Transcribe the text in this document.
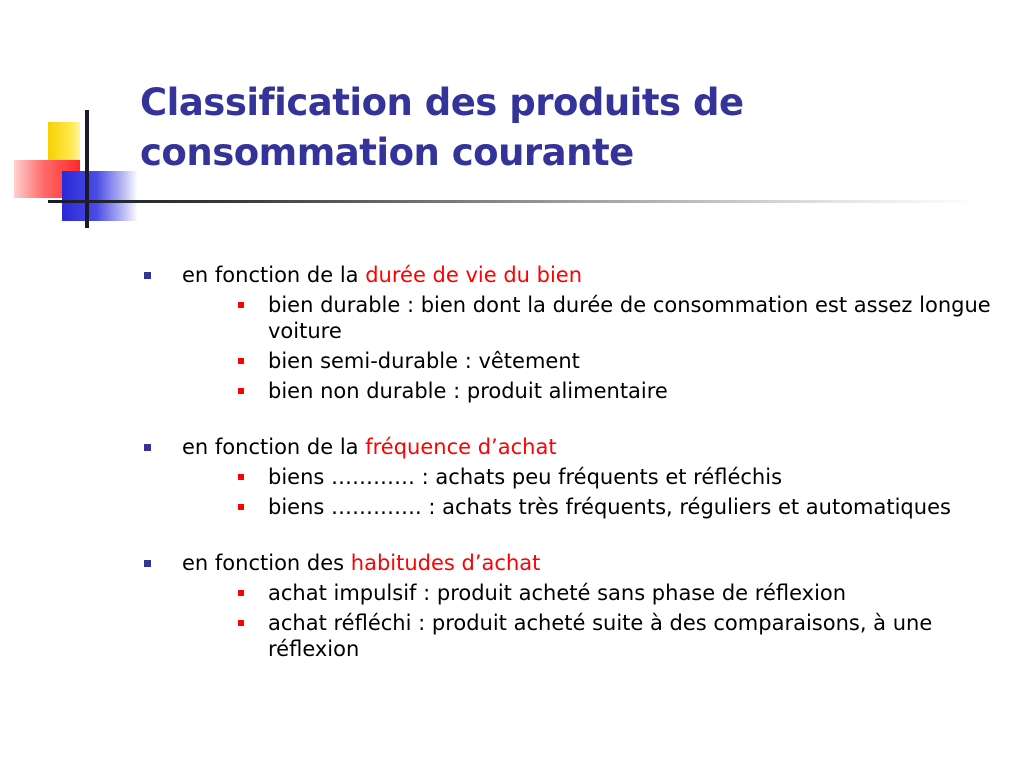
Classification des produits de
consommation courante
en fonction de la durée de vie du bien
bien durable : bien dont la durée de consommation est assez longue voiture
bien semi-durable : vêtement
bien non durable : produit alimentaire
en fonction de la fréquence d’achat
biens ………… : achats peu fréquents et réfléchis
biens …………. : achats très fréquents, réguliers et automatiques
en fonction des habitudes d’achat
achat impulsif : produit acheté sans phase de réflexion
achat réfléchi : produit acheté suite à des comparaisons, à une réflexion
